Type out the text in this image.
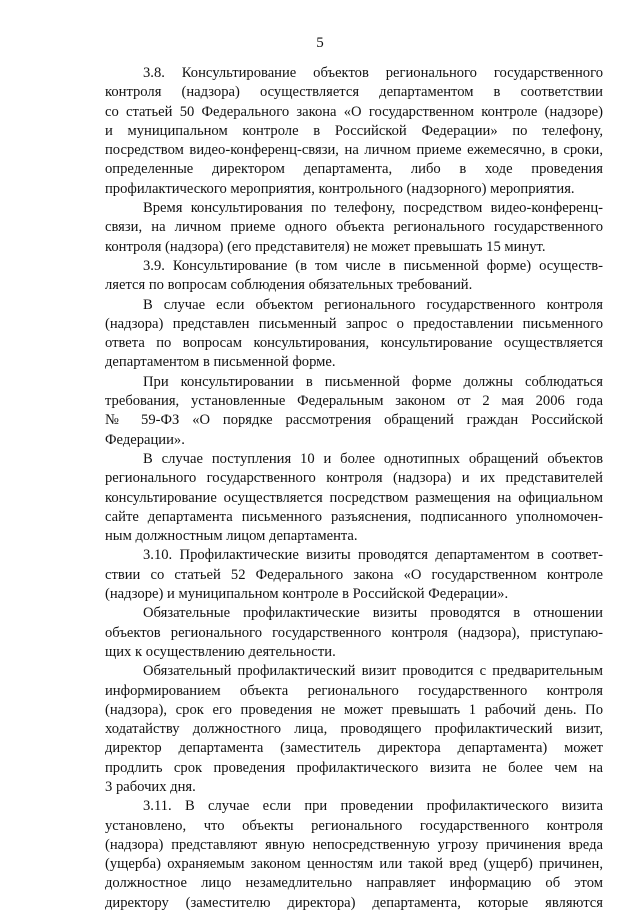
5
3.8. Консультирование объектов регионального государственного
контроля (надзора) осуществляется департаментом в соответствии
со статьей 50 Федерального закона «О государственном контроле (надзоре)
и муниципальном контроле в Российской Федерации» по телефону,
посредством видео-конференц-связи, на личном приеме ежемесячно, в сроки,
определенные директором департамента, либо в ходе проведения
профилактического мероприятия, контрольного (надзорного) мероприятия.
Время консультирования по телефону, посредством видео-конференц-
связи, на личном приеме одного объекта регионального государственного
контроля (надзора) (его представителя) не может превышать 15 минут.
3.9. Консультирование (в том числе в письменной форме) осуществ-
ляется по вопросам соблюдения обязательных требований.
В случае если объектом регионального государственного контроля
(надзора) представлен письменный запрос о предоставлении письменного
ответа по вопросам консультирования, консультирование осуществляется
департаментом в письменной форме.
При консультировании в письменной форме должны соблюдаться
требования, установленные Федеральным законом от 2 мая 2006 года
№ 59-ФЗ «О порядке рассмотрения обращений граждан Российской
Федерации».
В случае поступления 10 и более однотипных обращений объектов
регионального государственного контроля (надзора) и их представителей
консультирование осуществляется посредством размещения на официальном
сайте департамента письменного разъяснения, подписанного уполномочен-
ным должностным лицом департамента.
3.10. Профилактические визиты проводятся департаментом в соответ-
ствии со статьей 52 Федерального закона «О государственном контроле
(надзоре) и муниципальном контроле в Российской Федерации».
Обязательные профилактические визиты проводятся в отношении
объектов регионального государственного контроля (надзора), приступаю-
щих к осуществлению деятельности.
Обязательный профилактический визит проводится с предварительным
информированием объекта регионального государственного контроля
(надзора), срок его проведения не может превышать 1 рабочий день. По
ходатайству должностного лица, проводящего профилактический визит,
директор департамента (заместитель директора департамента) может
продлить срок проведения профилактического визита не более чем на
3 рабочих дня.
3.11. В случае если при проведении профилактического визита
установлено, что объекты регионального государственного контроля
(надзора) представляют явную непосредственную угрозу причинения вреда
(ущерба) охраняемым законом ценностям или такой вред (ущерб) причинен,
должностное лицо незамедлительно направляет информацию об этом
директору (заместителю директора) департамента, которые являются
